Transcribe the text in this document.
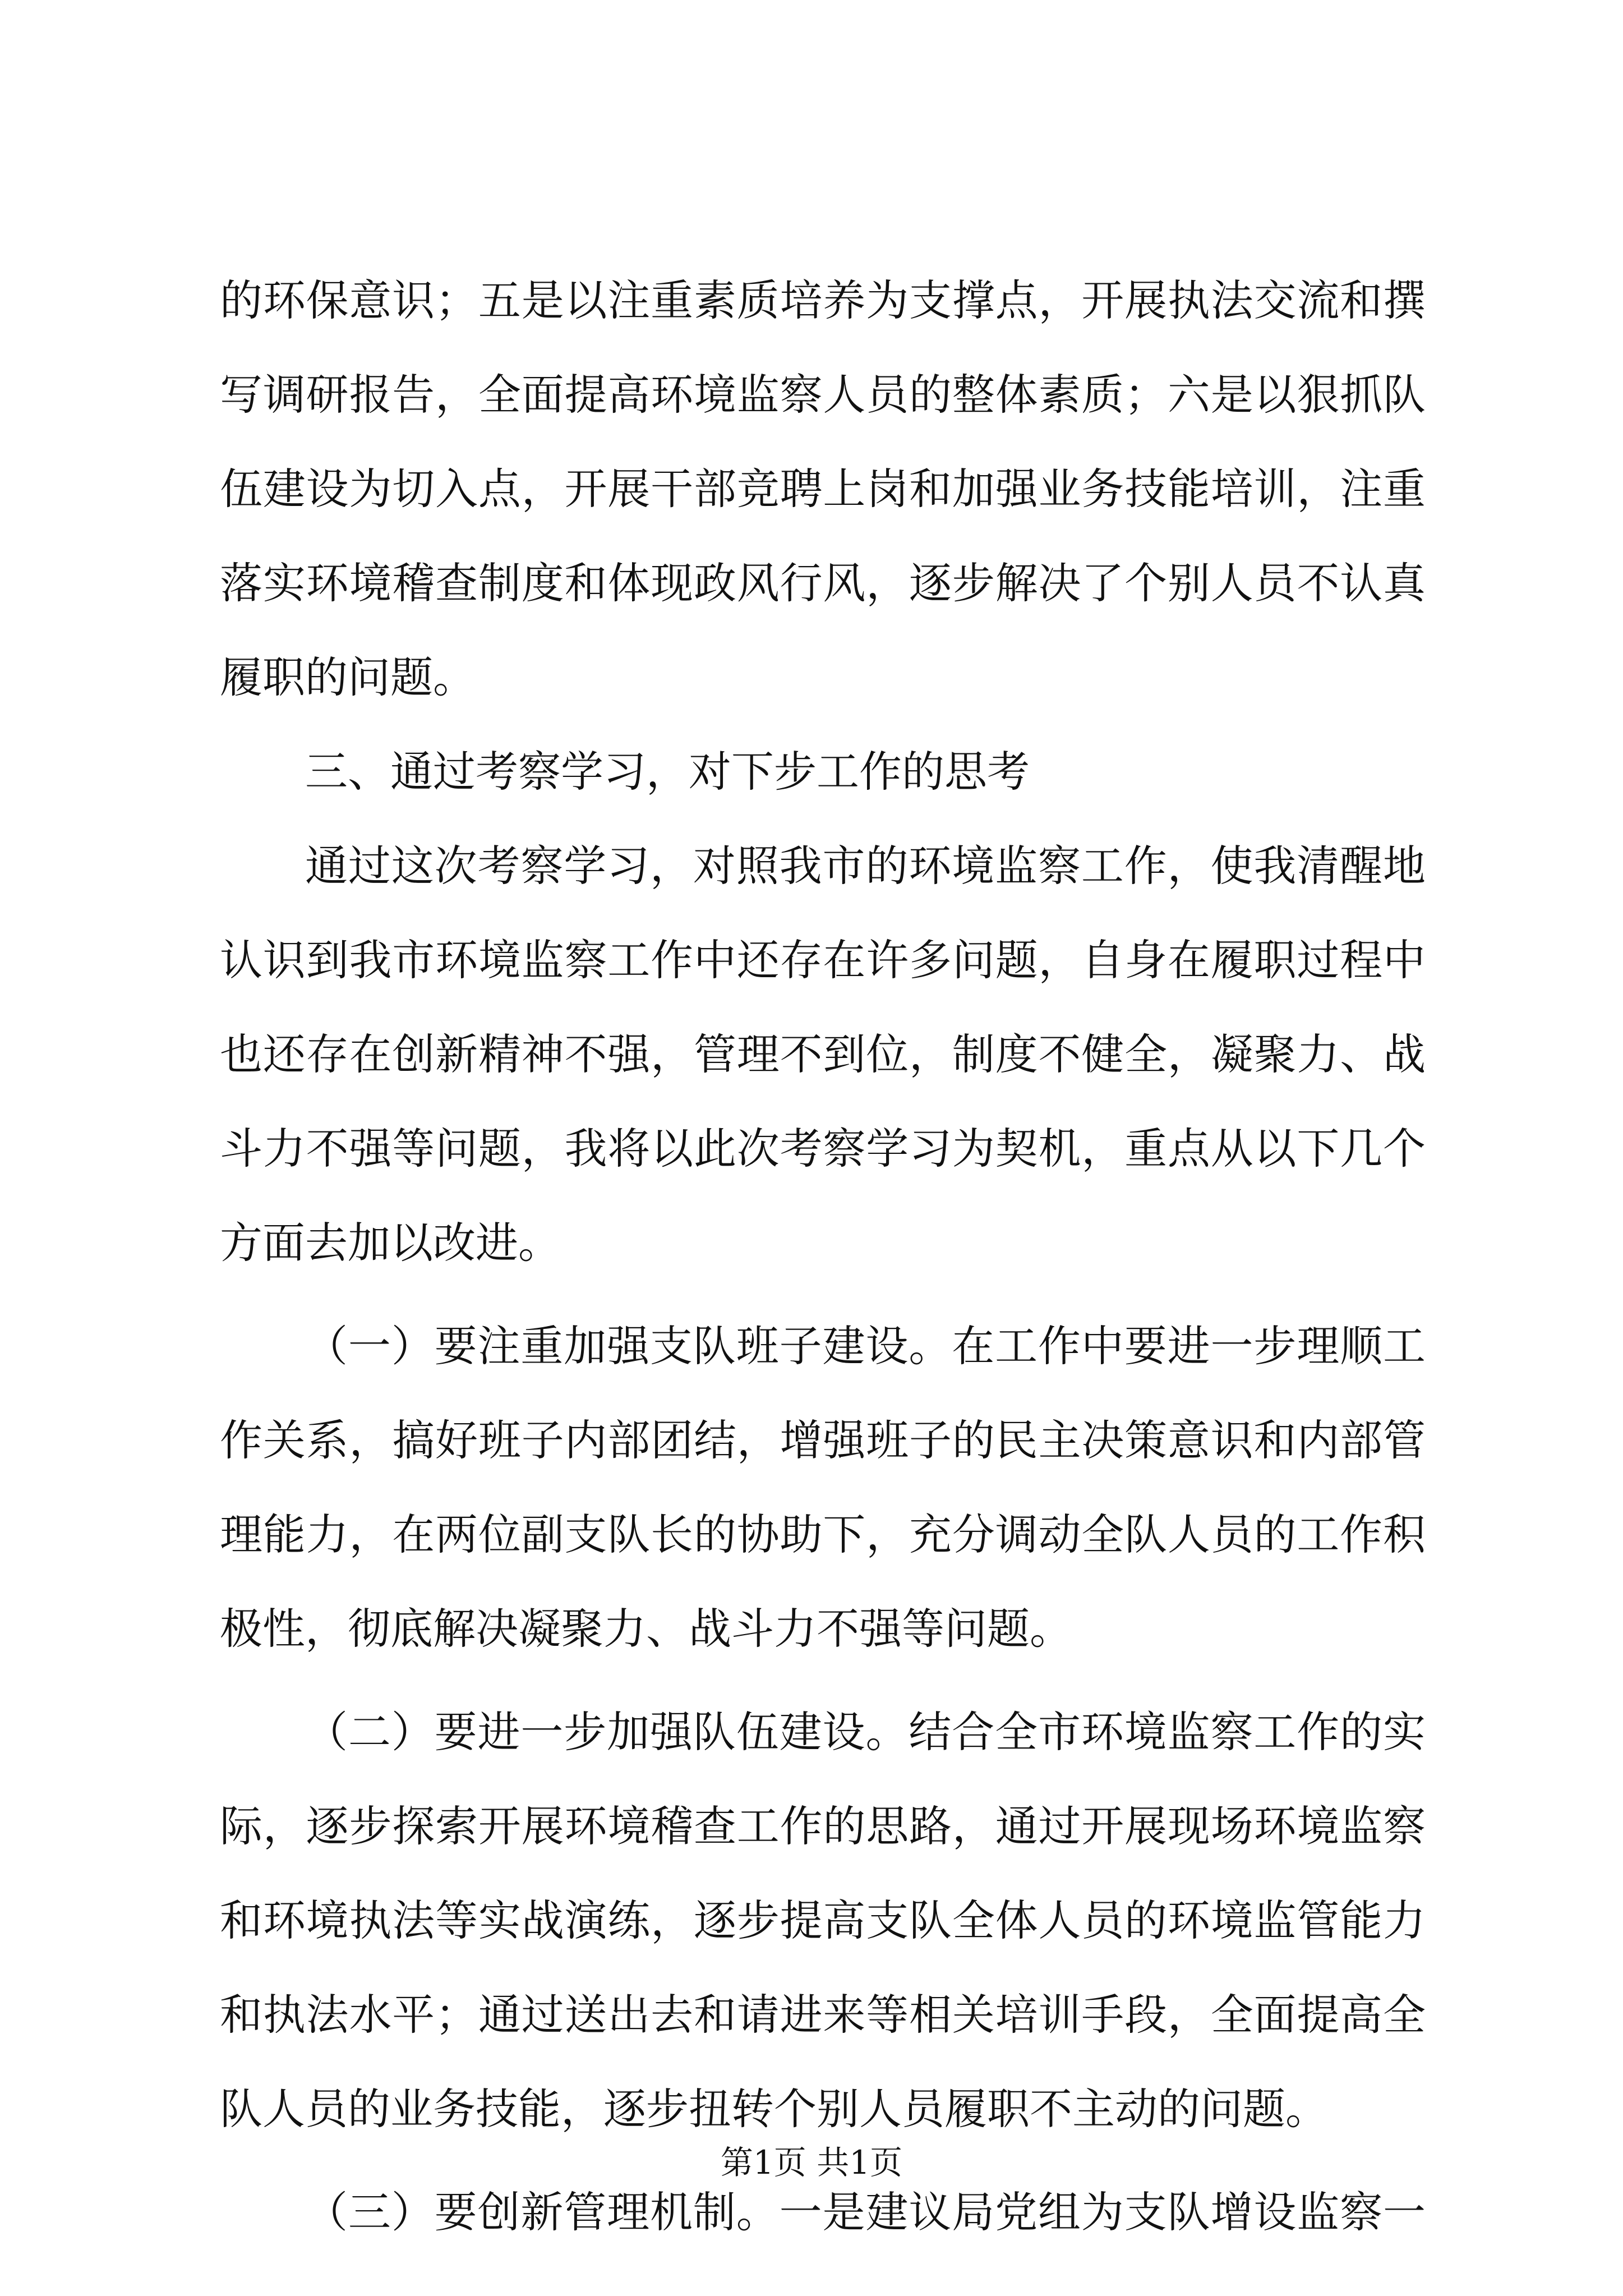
的环保意识；五是以注重素质培养为支撑点，开展执法交流和撰
写调研报告，全面提高环境监察人员的整体素质；六是以狠抓队
伍建设为切入点，开展干部竞聘上岗和加强业务技能培训，注重
落实环境稽查制度和体现政风行风，逐步解决了个别人员不认真
履职的问题。
三、通过考察学习，对下步工作的思考
通过这次考察学习，对照我市的环境监察工作，使我清醒地
认识到我市环境监察工作中还存在许多问题，自身在履职过程中
也还存在创新精神不强，管理不到位，制度不健全，凝聚力、战
斗力不强等问题，我将以此次考察学习为契机，重点从以下几个
方面去加以改进。
（一）要注重加强支队班子建设。在工作中要进一步理顺工
作关系，搞好班子内部团结，增强班子的民主决策意识和内部管
理能力，在两位副支队长的协助下，充分调动全队人员的工作积
极性，彻底解决凝聚力、战斗力不强等问题。
（二）要进一步加强队伍建设。结合全市环境监察工作的实
际，逐步探索开展环境稽查工作的思路，通过开展现场环境监察
和环境执法等实战演练，逐步提高支队全体人员的环境监管能力
和执法水平；通过送出去和请进来等相关培训手段，全面提高全
队人员的业务技能，逐步扭转个别人员履职不主动的问题。
（三）要创新管理机制。一是建议局党组为支队增设监察一
第1页 共1页
